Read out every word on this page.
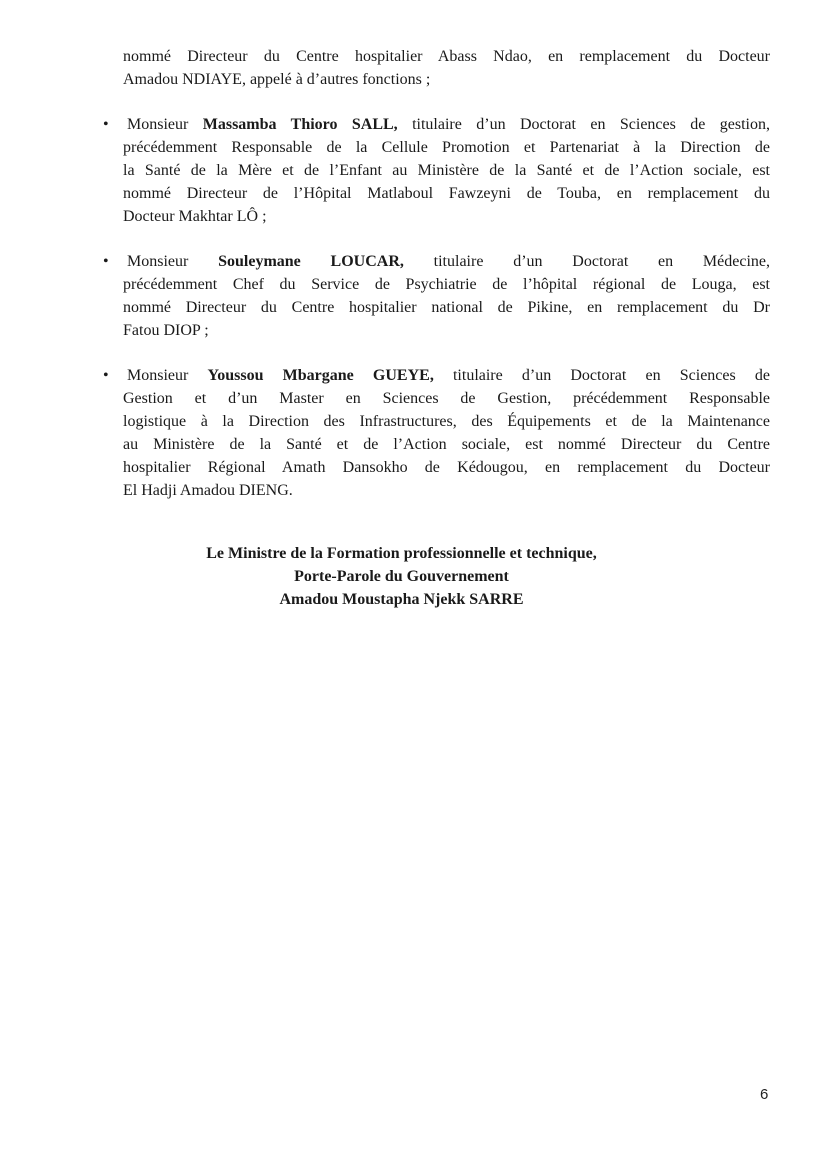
nommé Directeur du Centre hospitalier Abass Ndao, en remplacement du Docteur
Amadou NDIAYE, appelé à d’autres fonctions ;
• Monsieur Massamba Thioro SALL, titulaire d’un Doctorat en Sciences de gestion,
précédemment Responsable de la Cellule Promotion et Partenariat à la Direction de
la Santé de la Mère et de l’Enfant au Ministère de la Santé et de l’Action sociale, est
nommé Directeur de l’Hôpital Matlaboul Fawzeyni de Touba, en remplacement du
Docteur Makhtar LÔ ;
• Monsieur Souleymane LOUCAR, titulaire d’un Doctorat en Médecine,
précédemment Chef du Service de Psychiatrie de l’hôpital régional de Louga, est
nommé Directeur du Centre hospitalier national de Pikine, en remplacement du Dr
Fatou DIOP ;
• Monsieur Youssou Mbargane GUEYE, titulaire d’un Doctorat en Sciences de
Gestion et d’un Master en Sciences de Gestion, précédemment Responsable
logistique à la Direction des Infrastructures, des Équipements et de la Maintenance
au Ministère de la Santé et de l’Action sociale, est nommé Directeur du Centre
hospitalier Régional Amath Dansokho de Kédougou, en remplacement du Docteur
El Hadji Amadou DIENG.
Le Ministre de la Formation professionnelle et technique,
Porte-Parole du Gouvernement
Amadou Moustapha Njekk SARRE
6
